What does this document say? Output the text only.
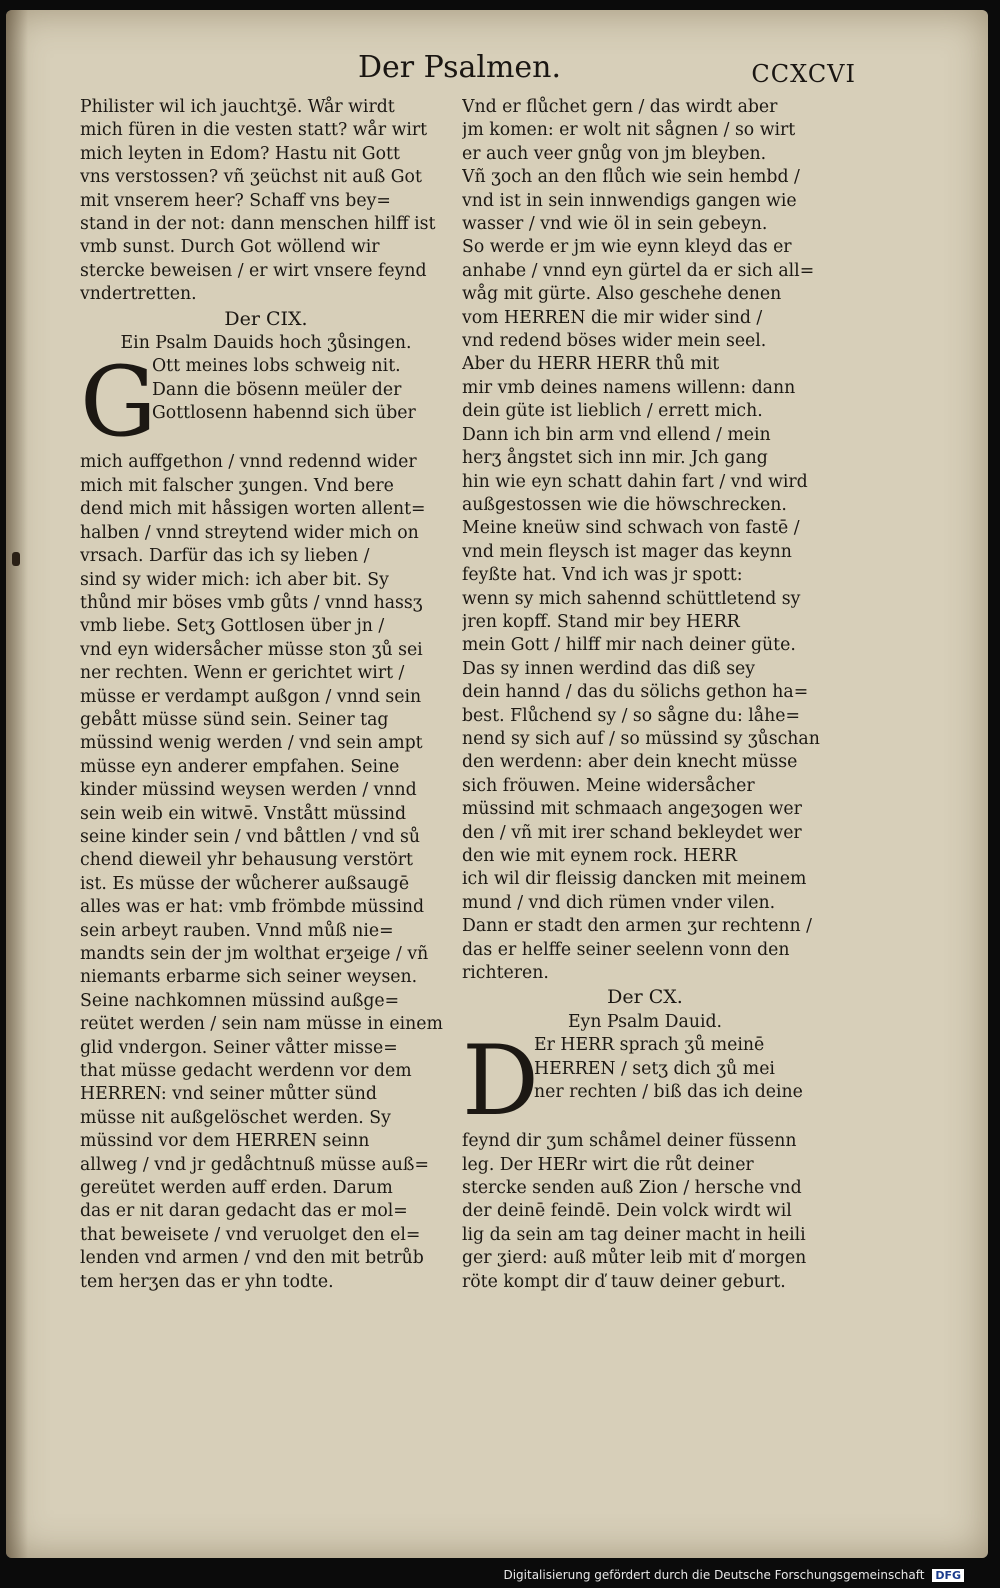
Der Psalmen.	CCXCVI
Philister wil ich jauchtʒē. Wår wirdt
mich füren in die vesten statt? wår wirt
mich leyten in Edom? Hastu nit Gott
vns verstossen? vñ ʒeüchst nit auß Got
mit vnserem heer? Schaff vns bey=
stand in der not: dann menschen hilff ist
vmb sunst. Durch Got wöllend wir
stercke beweisen / er wirt vnsere feynd
vndertretten.
Der CIX.
Ein Psalm Dauids hoch ʒůsingen.
G
Ott meines lobs schweig nit.
Dann die bösenn meüler der
Gottlosenn habennd sich über
mich auffgethon / vnnd redennd wider
mich mit falscher ʒungen. Vnd bere
dend mich mit håssigen worten allent=
halben / vnnd streytend wider mich on
vrsach. Darfür das ich sy lieben /
sind sy wider mich: ich aber bit. Sy
thůnd mir böses vmb gůts / vnnd hassʒ
vmb liebe. Setʒ Gottlosen über jn /
vnd eyn widersåcher müsse ston ʒů sei
ner rechten. Wenn er gerichtet wirt /
müsse er verdampt außgon / vnnd sein
gebått müsse sünd sein. Seiner tag
müssind wenig werden / vnd sein ampt
müsse eyn anderer empfahen. Seine
kinder müssind weysen werden / vnnd
sein weib ein witwē. Vnstått müssind
seine kinder sein / vnd båttlen / vnd sů
chend dieweil yhr behausung verstört
ist. Es müsse der wůcherer außsaugē
alles was er hat: vmb frömbde müssind
sein arbeyt rauben. Vnnd můß nie=
mandts sein der jm wolthat erʒeige / vñ
niemants erbarme sich seiner weysen.
Seine nachkomnen müssind außge=
reütet werden / sein nam müsse in einem
glid vndergon. Seiner våtter misse=
that müsse gedacht werdenn vor dem
HERREN: vnd seiner můtter sünd
müsse nit außgelöschet werden. Sy
müssind vor dem HERREN seinn
allweg / vnd jr gedåchtnuß müsse auß=
gereütet werden auff erden. Darum
das er nit daran gedacht das er mol=
that beweisete / vnd veruolget den el=
lenden vnd armen / vnd den mit betrůb
tem herʒen das er yhn todte.
Vnd er flůchet gern / das wirdt aber
jm komen: er wolt nit sågnen / so wirt
er auch veer gnůg von jm bleyben.
Vñ ʒoch an den flůch wie sein hembd /
vnd ist in sein innwendigs gangen wie
wasser / vnd wie öl in sein gebeyn.
So werde er jm wie eynn kleyd das er
anhabe / vnnd eyn gürtel da er sich all=
wåg mit gürte. Also geschehe denen
vom HERREN die mir wider sind /
vnd redend böses wider mein seel.
Aber du HERR HERR thů mit
mir vmb deines namens willenn: dann
dein güte ist lieblich / errett mich.
Dann ich bin arm vnd ellend / mein
herʒ ångstet sich inn mir. Jch gang
hin wie eyn schatt dahin fart / vnd wird
außgestossen wie die höwschrecken.
Meine kneüw sind schwach von fastē /
vnd mein fleysch ist mager das keynn
feyßte hat. Vnd ich was jr spott:
wenn sy mich sahennd schüttletend sy
jren kopff. Stand mir bey HERR
mein Gott / hilff mir nach deiner güte.
Das sy innen werdind das diß sey
dein hannd / das du sölichs gethon ha=
best. Flůchend sy / so sågne du: låhe=
nend sy sich auf / so müssind sy ʒůschan
den werdenn: aber dein knecht müsse
sich fröuwen. Meine widersåcher
müssind mit schmaach angeʒogen wer
den / vñ mit irer schand bekleydet wer
den wie mit eynem rock. HERR
ich wil dir fleissig dancken mit meinem
mund / vnd dich rümen vnder vilen.
Dann er stadt den armen ʒur rechtenn /
das er helffe seiner seelenn vonn den
richteren.
Der CX.
Eyn Psalm Dauid.
D
Er HERR sprach ʒů meinē
HERREN / setʒ dich ʒů mei
ner rechten / biß das ich deine
feynd dir ʒum schåmel deiner füssenn
leg. Der HERr wirt die růt deiner
stercke senden auß Zion / hersche vnd
der deinē feindē. Dein volck wirdt wil
lig da sein am tag deiner macht in heili
ger ʒierd: auß můter leib mit ď morgen
röte kompt dir ď tauw deiner geburt.
Digitalisierung gefördert durch die Deutsche Forschungsgemeinschaft DFG
